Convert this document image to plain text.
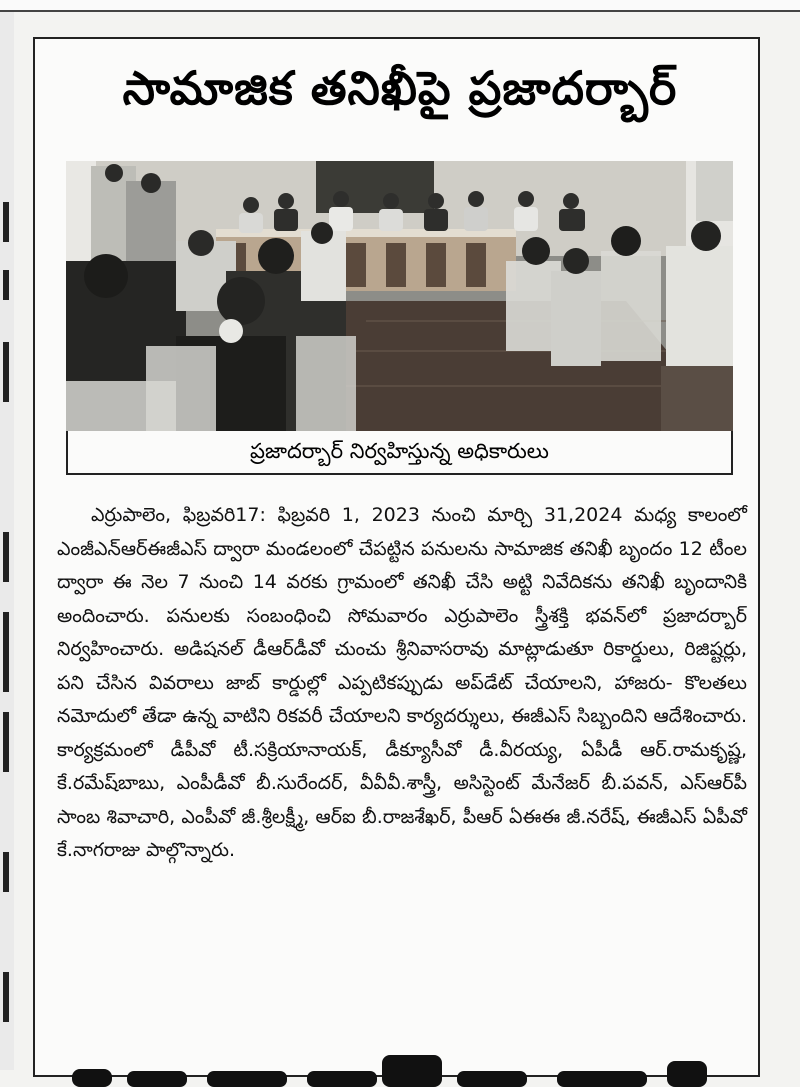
సామాజిక తనిఖీపై ప్రజాదర్బార్
ప్రజాదర్బార్ నిర్వహిస్తున్న అధికారులు
ఎర్రుపాలెం, ఫిబ్రవరి17: ఫిబ్రవరి 1, 2023 నుంచి మార్చి 31,2024 మధ్య కాలంలో ఎంజీఎన్ఆర్ఈజీఎస్ ద్వారా మండలంలో చేపట్టిన పనులను సామాజిక తనిఖీ బృందం 12 టీంల ద్వారా ఈ నెల 7 నుంచి 14 వరకు గ్రామంలో తనిఖీ చేసి అట్టి నివేదికను తనిఖీ బృందానికి అందించారు. పనులకు సంబంధించి సోమవారం ఎర్రుపాలెం స్త్రీశక్తి భవన్‌లో ప్రజాదర్బార్ నిర్వహించారు. అడిషనల్ డీఆర్‌డీవో చుంచు శ్రీనివాసరావు మాట్లాడుతూ రికార్డులు, రిజిష్టర్లు, పని చేసిన వివరాలు జాబ్ కార్డుల్లో ఎప్పటికప్పుడు అప్‌డేట్ చేయాలని, హాజరు- కొలతలు నమోదులో తేడా ఉన్న వాటిని రికవరీ చేయాలని కార్యదర్శులు, ఈజీఎస్ సిబ్బందిని ఆదేశించారు. కార్యక్రమంలో డీపీవో టీ.సక్రియానాయక్, డీక్యూసీవో డీ.వీరయ్య, ఏపీడీ ఆర్.రామకృష్ణ, కే.రమేష్‌బాబు, ఎంపీడీవో బీ.సురేందర్, వీవీవీ.శాస్త్రీ, అసిస్టెంట్ మేనేజర్ బీ.పవన్, ఎస్ఆర్‌పీ సాంబ శివాచారి, ఎంపీవో జీ.శ్రీలక్ష్మీ, ఆర్ఐ బీ.రాజశేఖర్, పీఆర్ ఏఈఈ జీ.నరేష్, ఈజీఎస్ ఏపీవో కే.నాగరాజు పాల్గొన్నారు.
